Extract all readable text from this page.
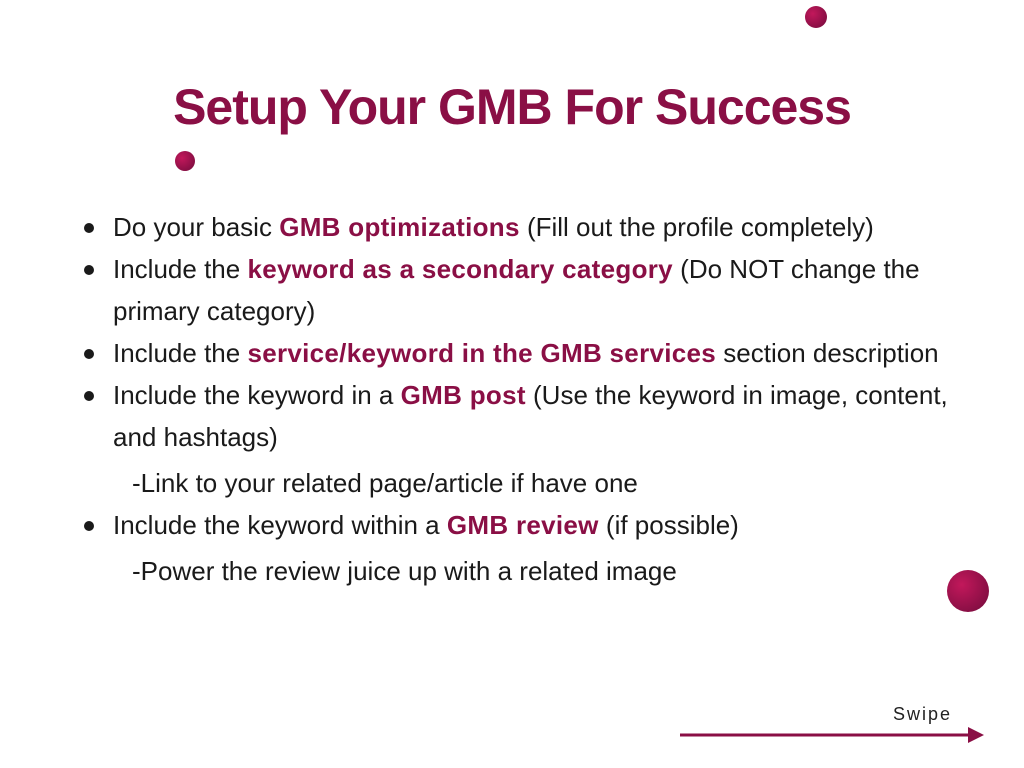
Setup Your GMB For Success
Do your basic GMB optimizations (Fill out the profile completely)
Include the keyword as a secondary category (Do NOT change the primary category)
Include the service/keyword in the GMB services section description
Include the keyword in a GMB post (Use the keyword in image, content, and hashtags)
-Link to your related page/article if have one
Include the keyword within a GMB review (if possible)
-Power the review juice up with a related image
Swipe
